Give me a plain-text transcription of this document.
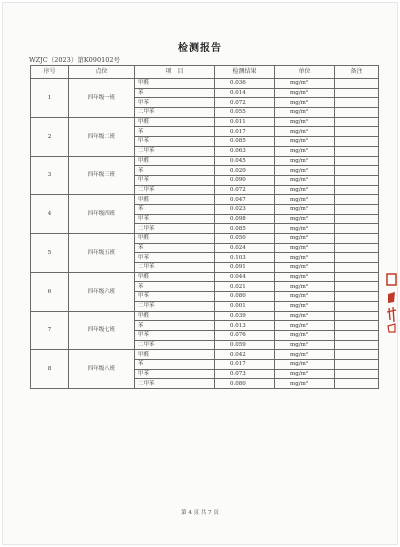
检测报告
WZJC（2023）第K090102号
序号	点位	项　目	检测结果	单位	备注
1	四年级一班	甲醛	0.036	mg/m³	
		苯	0.014	mg/m³	
		甲苯	0.072	mg/m³	
		二甲苯	0.055	mg/m³	
2	四年级二班	甲醛	0.011	mg/m³	
		苯	0.017	mg/m³	
		甲苯	0.085	mg/m³	
		二甲苯	0.063	mg/m³	
3	四年级三班	甲醛	0.045	mg/m³	
		苯	0.020	mg/m³	
		甲苯	0.090	mg/m³	
		二甲苯	0.072	mg/m³	
4	四年级四班	甲醛	0.047	mg/m³	
		苯	0.023	mg/m³	
		甲苯	0.098	mg/m³	
		二甲苯	0.085	mg/m³	
5	四年级五班	甲醛	0.050	mg/m³	
		苯	0.024	mg/m³	
		甲苯	0.103	mg/m³	
		二甲苯	0.091	mg/m³	
6	四年级六班	甲醛	0.044	mg/m³	
		苯	0.021	mg/m³	
		甲苯	0.080	mg/m³	
		二甲苯	0.001	mg/m³	
7	四年级七班	甲醛	0.039	mg/m³	
		苯	0.013	mg/m³	
		甲苯	0.076	mg/m³	
		二甲苯	0.059	mg/m³	
8	四年级八班	甲醛	0.042	mg/m³	
		苯	0.017	mg/m³	
		甲苯	0.073	mg/m³	
		二甲苯	0.080	mg/m³	
第 4 页 共 7 页
